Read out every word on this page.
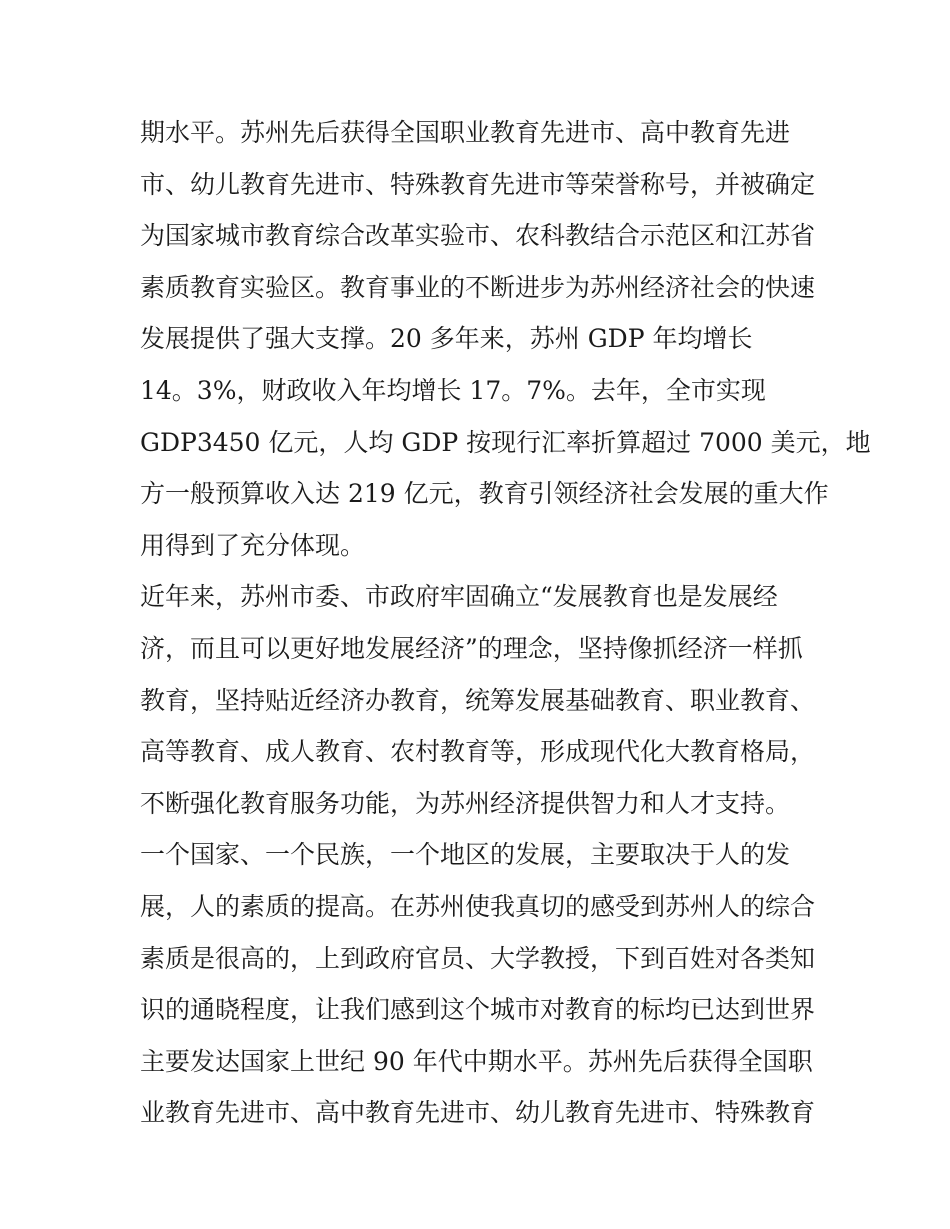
期水平。苏州先后获得全国职业教育先进市、高中教育先进
市、幼儿教育先进市、特殊教育先进市等荣誉称号，并被确定
为国家城市教育综合改革实验市、农科教结合示范区和江苏省
素质教育实验区。教育事业的不断进步为苏州经济社会的快速
发展提供了强大支撑。20 多年来，苏州 GDP 年均增长
14。3%，财政收入年均增长 17。7%。去年，全市实现
GDP3450 亿元，人均 GDP 按现行汇率折算超过 7000 美元，地
方一般预算收入达 219 亿元，教育引领经济社会发展的重大作
用得到了充分体现。
近年来，苏州市委、市政府牢固确立“发展教育也是发展经
济，而且可以更好地发展经济”的理念，坚持像抓经济一样抓
教育，坚持贴近经济办教育，统筹发展基础教育、职业教育、
高等教育、成人教育、农村教育等，形成现代化大教育格局，
不断强化教育服务功能，为苏州经济提供智力和人才支持。
一个国家、一个民族，一个地区的发展，主要取决于人的发
展，人的素质的提高。在苏州使我真切的感受到苏州人的综合
素质是很高的，上到政府官员、大学教授，下到百姓对各类知
识的通晓程度，让我们感到这个城市对教育的标均已达到世界
主要发达国家上世纪 90 年代中期水平。苏州先后获得全国职
业教育先进市、高中教育先进市、幼儿教育先进市、特殊教育
